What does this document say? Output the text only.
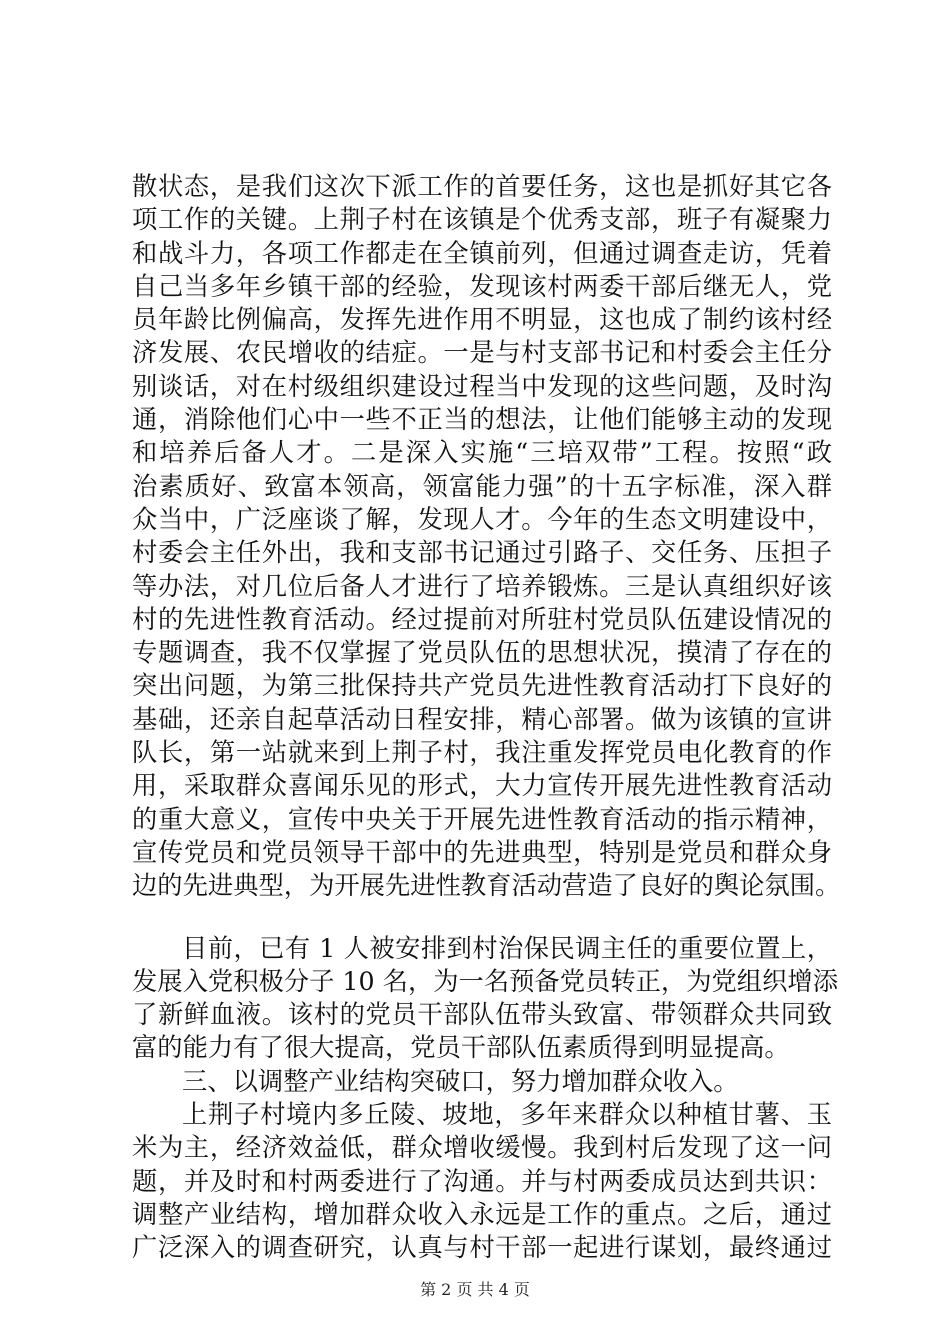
散状态，是我们这次下派工作的首要任务，这也是抓好其它各
项工作的关键。上荆子村在该镇是个优秀支部，班子有凝聚力
和战斗力，各项工作都走在全镇前列，但通过调查走访，凭着
自己当多年乡镇干部的经验，发现该村两委干部后继无人，党
员年龄比例偏高，发挥先进作用不明显，这也成了制约该村经
济发展、农民增收的结症。一是与村支部书记和村委会主任分
别谈话，对在村级组织建设过程当中发现的这些问题，及时沟
通，消除他们心中一些不正当的想法，让他们能够主动的发现
和培养后备人才。二是深入实施“三培双带”工程。按照“政
治素质好、致富本领高，领富能力强”的十五字标准，深入群
众当中，广泛座谈了解，发现人才。今年的生态文明建设中，
村委会主任外出，我和支部书记通过引路子、交任务、压担子
等办法，对几位后备人才进行了培养锻炼。三是认真组织好该
村的先进性教育活动。经过提前对所驻村党员队伍建设情况的
专题调查，我不仅掌握了党员队伍的思想状况，摸清了存在的
突出问题，为第三批保持共产党员先进性教育活动打下良好的
基础，还亲自起草活动日程安排，精心部署。做为该镇的宣讲
队长，第一站就来到上荆子村，我注重发挥党员电化教育的作
用，采取群众喜闻乐见的形式，大力宣传开展先进性教育活动
的重大意义，宣传中央关于开展先进性教育活动的指示精神，
宣传党员和党员领导干部中的先进典型，特别是党员和群众身
边的先进典型，为开展先进性教育活动营造了良好的舆论氛围。
目前，已有 1 人被安排到村治保民调主任的重要位置上，
发展入党积极分子 10 名，为一名预备党员转正，为党组织增添
了新鲜血液。该村的党员干部队伍带头致富、带领群众共同致
富的能力有了很大提高，党员干部队伍素质得到明显提高。
三、以调整产业结构突破口，努力增加群众收入。
上荆子村境内多丘陵、坡地，多年来群众以种植甘薯、玉
米为主，经济效益低，群众增收缓慢。我到村后发现了这一问
题，并及时和村两委进行了沟通。并与村两委成员达到共识：
调整产业结构，增加群众收入永远是工作的重点。之后，通过
广泛深入的调查研究，认真与村干部一起进行谋划，最终通过
第 2 页 共 4 页
